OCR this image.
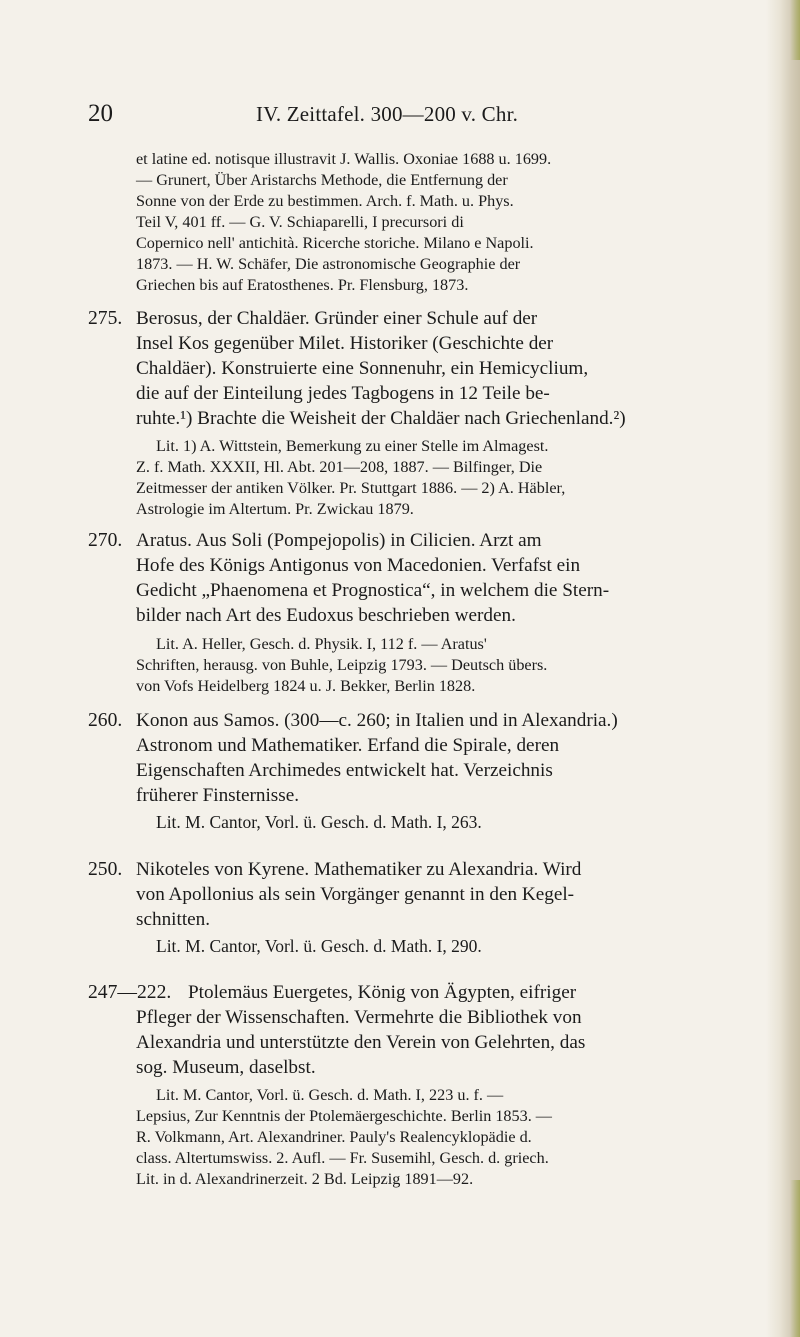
20	IV. Zeittafel. 300—200 v. Chr.
et latine ed. notisque illustravit J. Wallis. Oxoniae 1688 u. 1699.
— Grunert, Über Aristarchs Methode, die Entfernung der
Sonne von der Erde zu bestimmen. Arch. f. Math. u. Phys.
Teil V, 401 ff. — G. V. Schiaparelli, I precursori di
Copernico nell' antichità. Ricerche storiche. Milano e Napoli.
1873. — H. W. Schäfer, Die astronomische Geographie der
Griechen bis auf Eratosthenes. Pr. Flensburg, 1873.
275. Berosus, der Chaldäer. Gründer einer Schule auf der
Insel Kos gegenüber Milet. Historiker (Geschichte der
Chaldäer). Konstruierte eine Sonnenuhr, ein Hemicyclium,
die auf der Einteilung jedes Tagbogens in 12 Teile be-
ruhte.¹) Brachte die Weisheit der Chaldäer nach Griechenland.²)
Lit. 1) A. Wittstein, Bemerkung zu einer Stelle im Almagest.
Z. f. Math. XXXII, Hl. Abt. 201—208, 1887. — Bilfinger, Die
Zeitmesser der antiken Völker. Pr. Stuttgart 1886. — 2) A. Häbler,
Astrologie im Altertum. Pr. Zwickau 1879.
270. Aratus. Aus Soli (Pompejopolis) in Cilicien. Arzt am
Hofe des Königs Antigonus von Macedonien. Verfafst ein
Gedicht „Phaenomena et Prognostica“, in welchem die Stern-
bilder nach Art des Eudoxus beschrieben werden.
Lit. A. Heller, Gesch. d. Physik. I, 112 f. — Aratus'
Schriften, herausg. von Buhle, Leipzig 1793. — Deutsch übers.
von Vofs Heidelberg 1824 u. J. Bekker, Berlin 1828.
260. Konon aus Samos. (300—c. 260; in Italien und in Alexandria.)
Astronom und Mathematiker. Erfand die Spirale, deren
Eigenschaften Archimedes entwickelt hat. Verzeichnis
früherer Finsternisse.
Lit. M. Cantor, Vorl. ü. Gesch. d. Math. I, 263.
250. Nikoteles von Kyrene. Mathematiker zu Alexandria. Wird
von Apollonius als sein Vorgänger genannt in den Kegel-
schnitten.
Lit. M. Cantor, Vorl. ü. Gesch. d. Math. I, 290.
247—222. Ptolemäus Euergetes, König von Ägypten, eifriger
Pfleger der Wissenschaften. Vermehrte die Bibliothek von
Alexandria und unterstützte den Verein von Gelehrten, das
sog. Museum, daselbst.
Lit. M. Cantor, Vorl. ü. Gesch. d. Math. I, 223 u. f. —
Lepsius, Zur Kenntnis der Ptolemäergeschichte. Berlin 1853. —
R. Volkmann, Art. Alexandriner. Pauly's Realencyklopädie d.
class. Altertumswiss. 2. Aufl. — Fr. Susemihl, Gesch. d. griech.
Lit. in d. Alexandrinerzeit. 2 Bd. Leipzig 1891—92.
